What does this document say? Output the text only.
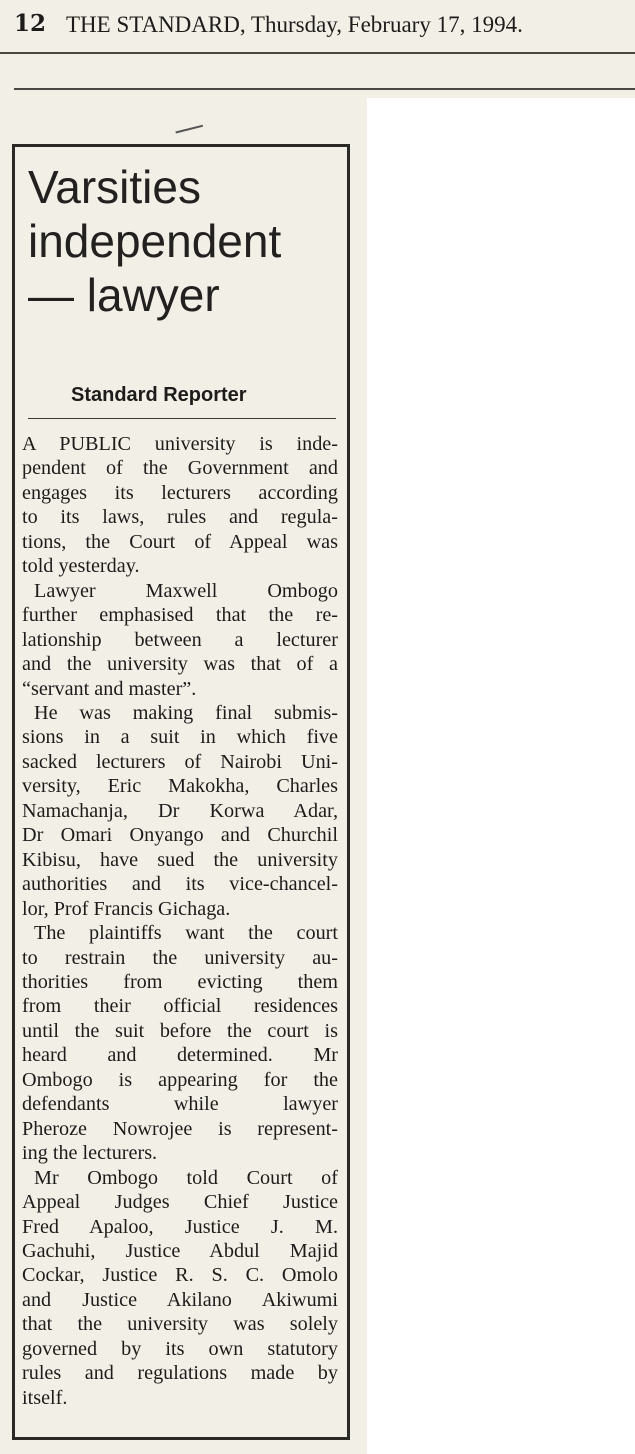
12 THE STANDARD, Thursday, February 17, 1994.
Varsities
independent
— lawyer
Standard Reporter

A PUBLIC university is inde-
pendent of the Government and
engages its lecturers according
to its laws, rules and regula-
tions, the Court of Appeal was
told yesterday.

Lawyer Maxwell Ombogo
further emphasised that the re-
lationship between a lecturer
and the university was that of a
“servant and master”.

He was making final submis-
sions in a suit in which five
sacked lecturers of Nairobi Uni-
versity, Eric Makokha, Charles
Namachanja, Dr Korwa Adar,
Dr Omari Onyango and Churchil
Kibisu, have sued the university
authorities and its vice-chancel-
lor, Prof Francis Gichaga.

The plaintiffs want the court
to restrain the university au-
thorities from evicting them
from their official residences
until the suit before the court is
heard and determined. Mr
Ombogo is appearing for the
defendants while lawyer
Pheroze Nowrojee is represent-
ing the lecturers.

Mr Ombogo told Court of
Appeal Judges Chief Justice
Fred Apaloo, Justice J. M.
Gachuhi, Justice Abdul Majid
Cockar, Justice R. S. C. Omolo
and Justice Akilano Akiwumi
that the university was solely
governed by its own statutory
rules and regulations made by
itself.
